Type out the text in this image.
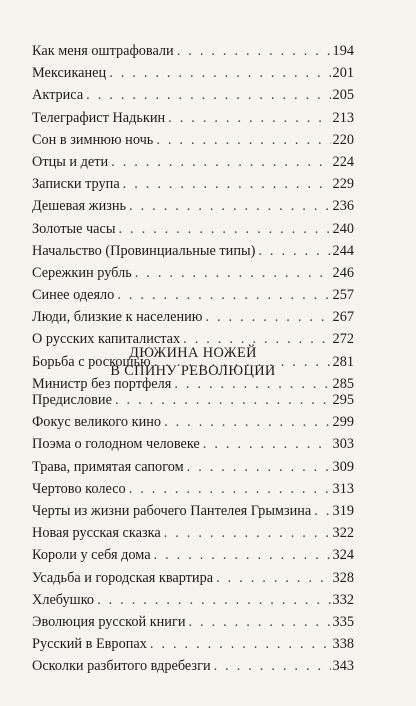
Как меня оштрафовали . . .	194
Мексиканец . . .	201
Актриса . . .	205
Телеграфист Надькин . . .	213
Сон в зимнюю ночь . . .	220
Отцы и дети . . .	224
Записки трупа . . .	229
Дешевая жизнь . . .	236
Золотые часы . . .	240
Начальство (Провинциальные типы) . . .	244
Сережкин рубль . . .	246
Синее одеяло . . .	257
Люди, близкие к населению . . .	267
О русских капиталистах . . .	272
Борьба с роскошью . . .	281
Министр без портфеля . . .	285
ДЮЖИНА НОЖЕЙ
В СПИНУ РЕВОЛЮЦИИ
Предисловие . . .	295
Фокус великого кино . . .	299
Поэма о голодном человеке . . .	303
Трава, примятая сапогом . . .	309
Чертово колесо . . .	313
Черты из жизни рабочего Пантелея Грымзина . . . 319
Новая русская сказка . . .	322
Короли у себя дома . . .	324
Усадьба и городская квартира . . .	328
Хлебушко . . .	332
Эволюция русской книги . . .	335
Русский в Европах . . .	338
Осколки разбитого вдребезги . . .	343
